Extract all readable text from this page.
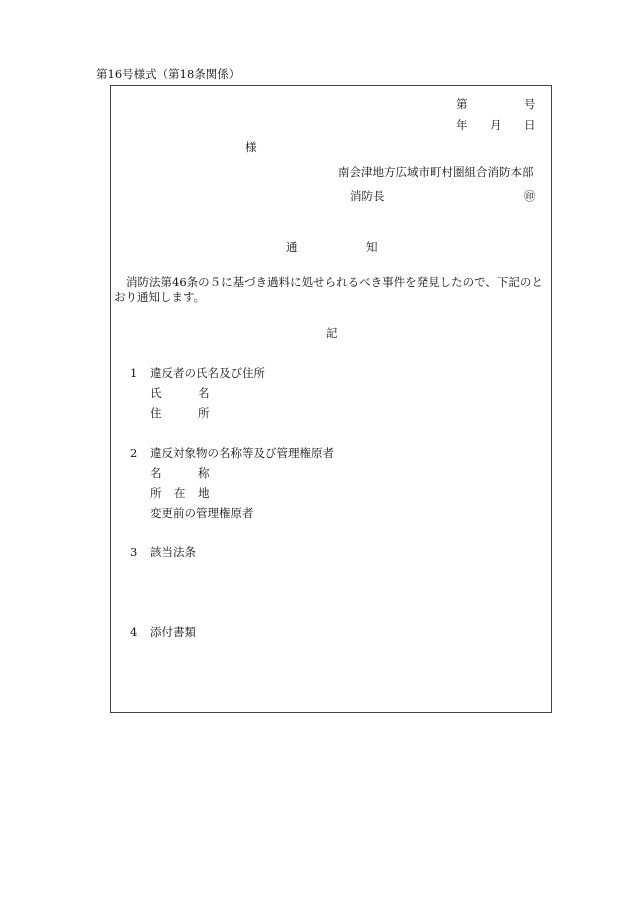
第16号様式（第18条関係）
第	号
年 月 日
様
南会津地方広域市町村圏組合消防本部
消防長	㊞
通	知
消防法第46条の５に基づき過料に処せられるべき事件を発見したので、下記のと
おり通知します。
記
1 違反者の氏名及び住所
氏	名
住	所
2 違反対象物の名称等及び管理権原者
名	称
所 在 地
変更前の管理権原者
3 該当法条
4 添付書類
